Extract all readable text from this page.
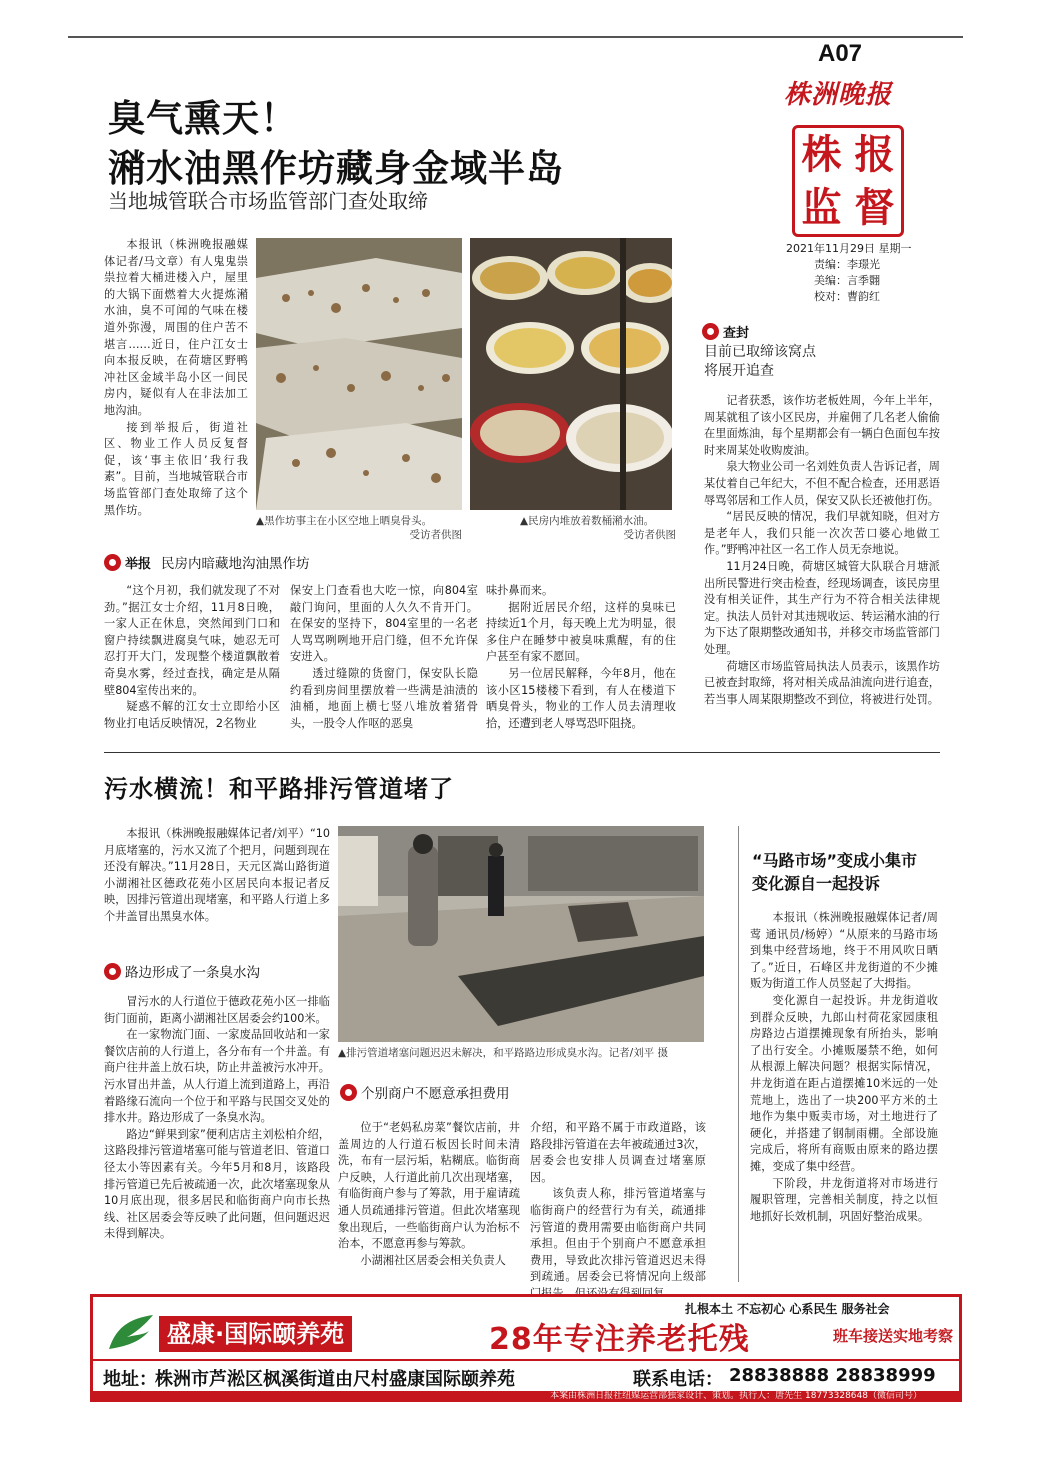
A07
株洲晚报
株 报
监 督
2021年11月29日 星期一
责编：李璟光
美编：言季翾
校对：曹韵红
臭气熏天！
潲水油黑作坊藏身金域半岛
当地城管联合市场监管部门查处取缔

本报讯（株洲晚报融媒体记者/马文章）有人鬼鬼祟祟拉着大桶进楼入户，屋里的大锅下面燃着大火提炼潲水油，臭不可闻的气味在楼道外弥漫，周围的住户苦不堪言……近日，住户江女士向本报反映，在荷塘区野鸭冲社区金域半岛小区一间民房内，疑似有人在非法加工地沟油。

接到举报后，街道社区、物业工作人员反复督促，该‘事主依旧’我行我素”。目前，当地城管联合市场监管部门查处取缔了这个黑作坊。

▲黑作坊事主在小区空地上晒臭骨头。
受访者供图
▲民房内堆放着数桶潲水油。
受访者供图
举报 民房内暗藏地沟油黑作坊

“这个月初，我们就发现了不对劲。”据江女士介绍，11月8日晚，一家人正在休息，突然闻到门口和窗户持续飘进腐臭气味，她忍无可忍打开大门，发现整个楼道飘散着奇臭水雾，经过查找，确定是从隔壁804室传出来的。

疑惑不解的江女士立即给小区物业打电话反映情况，2名物业

保安上门查看也大吃一惊，向804室敲门询问，里面的人久久不肯开门。在保安的坚持下，804室里的一名老人骂骂咧咧地开启门缝，但不允许保安进入。

透过缝隙的货窗门，保安队长隐约看到房间里摆放着一些满是油渍的油桶，地面上横七竖八堆放着猪骨头，一股令人作呕的恶臭

味扑鼻而来。

据附近居民介绍，这样的臭味已持续近1个月，每天晚上尤为明显，很多住户在睡梦中被臭味熏醒，有的住户甚至有家不愿回。

另一位居民解释，今年8月，他在该小区15楼楼下看到，有人在楼道下晒臭骨头，物业的工作人员去清理收拾，还遭到老人辱骂恐吓阻挠。

查封
目前已取缔该窝点
将展开追查

记者获悉，该作坊老板姓周，今年上半年，周某就租了该小区民房，并雇佣了几名老人偷偷在里面炼油，每个星期都会有一辆白色面包车按时来周某处收购废油。

泉大物业公司一名刘姓负责人告诉记者，周某仗着自己年纪大，不但不配合检查，还用恶语辱骂邻居和工作人员，保安又队长还被他打伤。

“居民反映的情况，我们早就知晓，但对方是老年人，我们只能一次次苦口婆心地做工作。”野鸭冲社区一名工作人员无奈地说。

11月24日晚，荷塘区城管大队联合月塘派出所民警进行突击检查，经现场调查，该民房里没有相关证件，其生产行为不符合相关法律规定。执法人员针对其违规收运、转运潲水油的行为下达了限期整改通知书，并移交市场监管部门处理。

荷塘区市场监管局执法人员表示，该黑作坊已被查封取缔，将对相关成品油流向进行追查，若当事人周某限期整改不到位，将被进行处罚。

污水横流！和平路排污管道堵了

本报讯（株洲晚报融媒体记者/刘平）“10月底堵塞的，污水又流了个把月，问题到现在还没有解决。”11月28日，天元区嵩山路街道小湖湘社区德政花苑小区居民向本报记者反映，因排污管道出现堵塞，和平路人行道上多个井盖冒出黑臭水体。

路边形成了一条臭水沟

冒污水的人行道位于德政花苑小区一排临街门面前，距离小湖湘社区居委会约100米。

在一家物流门面、一家废品回收站和一家餐饮店前的人行道上，各分布有一个井盖。有商户往井盖上放石块，防止井盖被污水冲开。污水冒出井盖，从人行道上流到道路上，再沿着路缘石流向一个位于和平路与民国交叉处的排水井。路边形成了一条臭水沟。

路边“鲜果到家”便利店店主刘松柏介绍，这路段排污管道堵塞可能与管道老旧、管道口径太小等因素有关。今年5月和8月，该路段排污管道已先后被疏通一次，此次堵塞现象从10月底出现，很多居民和临街商户向市长热线、社区居委会等反映了此问题，但问题迟迟未得到解决。

▲排污管道堵塞问题迟迟未解决，和平路路边形成臭水沟。记者/刘平 摄
个别商户不愿意承担费用

位于“老妈私房菜”餐饮店前，井盖周边的人行道石板因长时间未清洗，布有一层污垢，粘糊底。临街商户反映，人行道此前几次出现堵塞，有临街商户参与了筹款，用于雇请疏通人员疏通排污管道。但此次堵塞现象出现后，一些临街商户认为治标不治本，不愿意再参与筹款。

小湖湘社区居委会相关负责人

介绍，和平路不属于市政道路，该路段排污管道在去年被疏通过3次，居委会也安排人员调查过堵塞原因。

该负责人称，排污管道堵塞与临街商户的经营行为有关，疏通排污管道的费用需要由临街商户共同承担。但由于个别商户不愿意承担费用，导致此次排污管道迟迟未得到疏通。居委会已将情况向上级部

“马路市场”变成小集市
变化源自一起投诉

本报讯（株洲晚报融媒体记者/周莺 通讯员/杨婷）“从原来的马路市场到集中经营场地，终于不用风吹日晒了。”近日，石峰区井龙街道的不少摊贩为街道工作人员竖起了大拇指。

变化源自一起投诉。井龙街道收到群众反映，九郎山村荷花家园康租房路边占道摆摊现象有所抬头，影响了出行安全。小摊贩屡禁不绝，如何从根源上解决问题？根据实际情况，井龙街道在距占道摆摊10米远的一处荒地上，选出了一块200平方米的土地作为集中贩卖市场，对土地进行了硬化，并搭建了钢制雨棚。全部设施完成后，将所有商贩由原来的路边摆摊，变成了集中经营。

下阶段，井龙街道将对市场进行履职管理，完善相关制度，持之以恒地抓好长效机制，巩固好整治成果。

盛康·国际颐养苑
扎根本土 不忘初心 心系民生 服务社会
28年专注养老托残	班车接送实地考察
地址：
株洲市芦淞区枫溪街道由尺村盛康国际颐养苑	联系电话： 28838888 28838999
本案由株洲日报社纽媒运营部独家设计、策划。执行人：唐先生 18773328648（微信司号）
